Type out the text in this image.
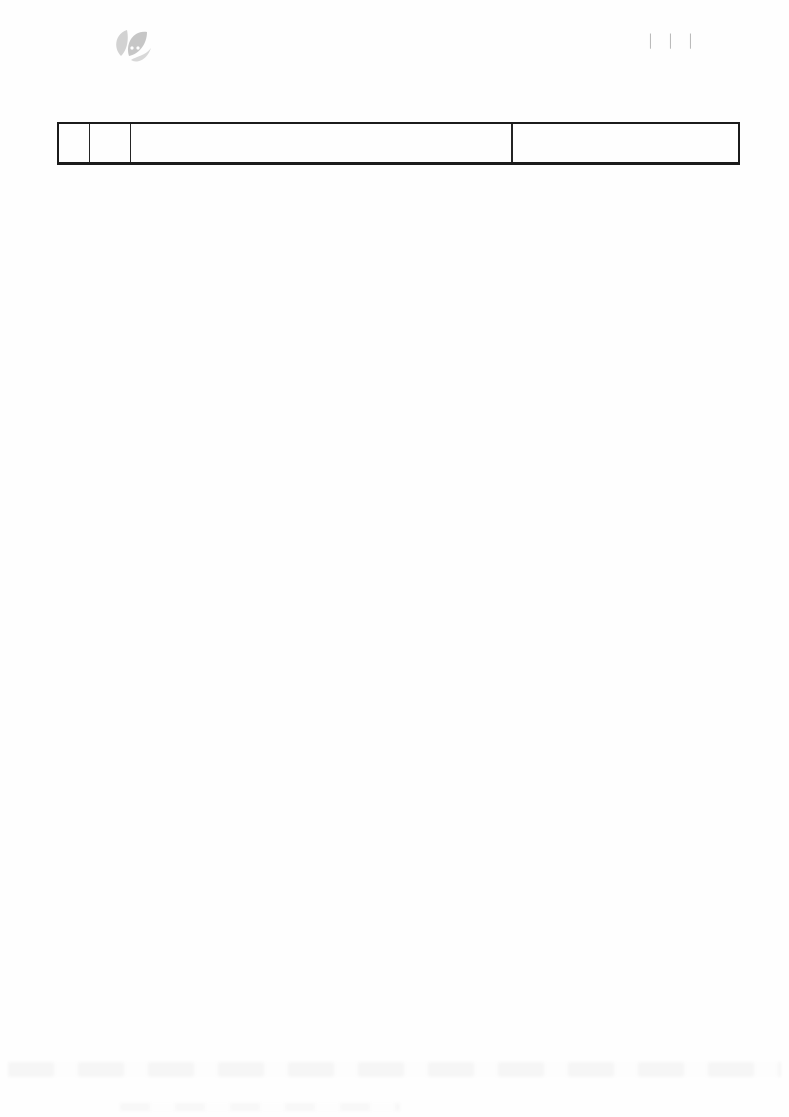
│ │ │
